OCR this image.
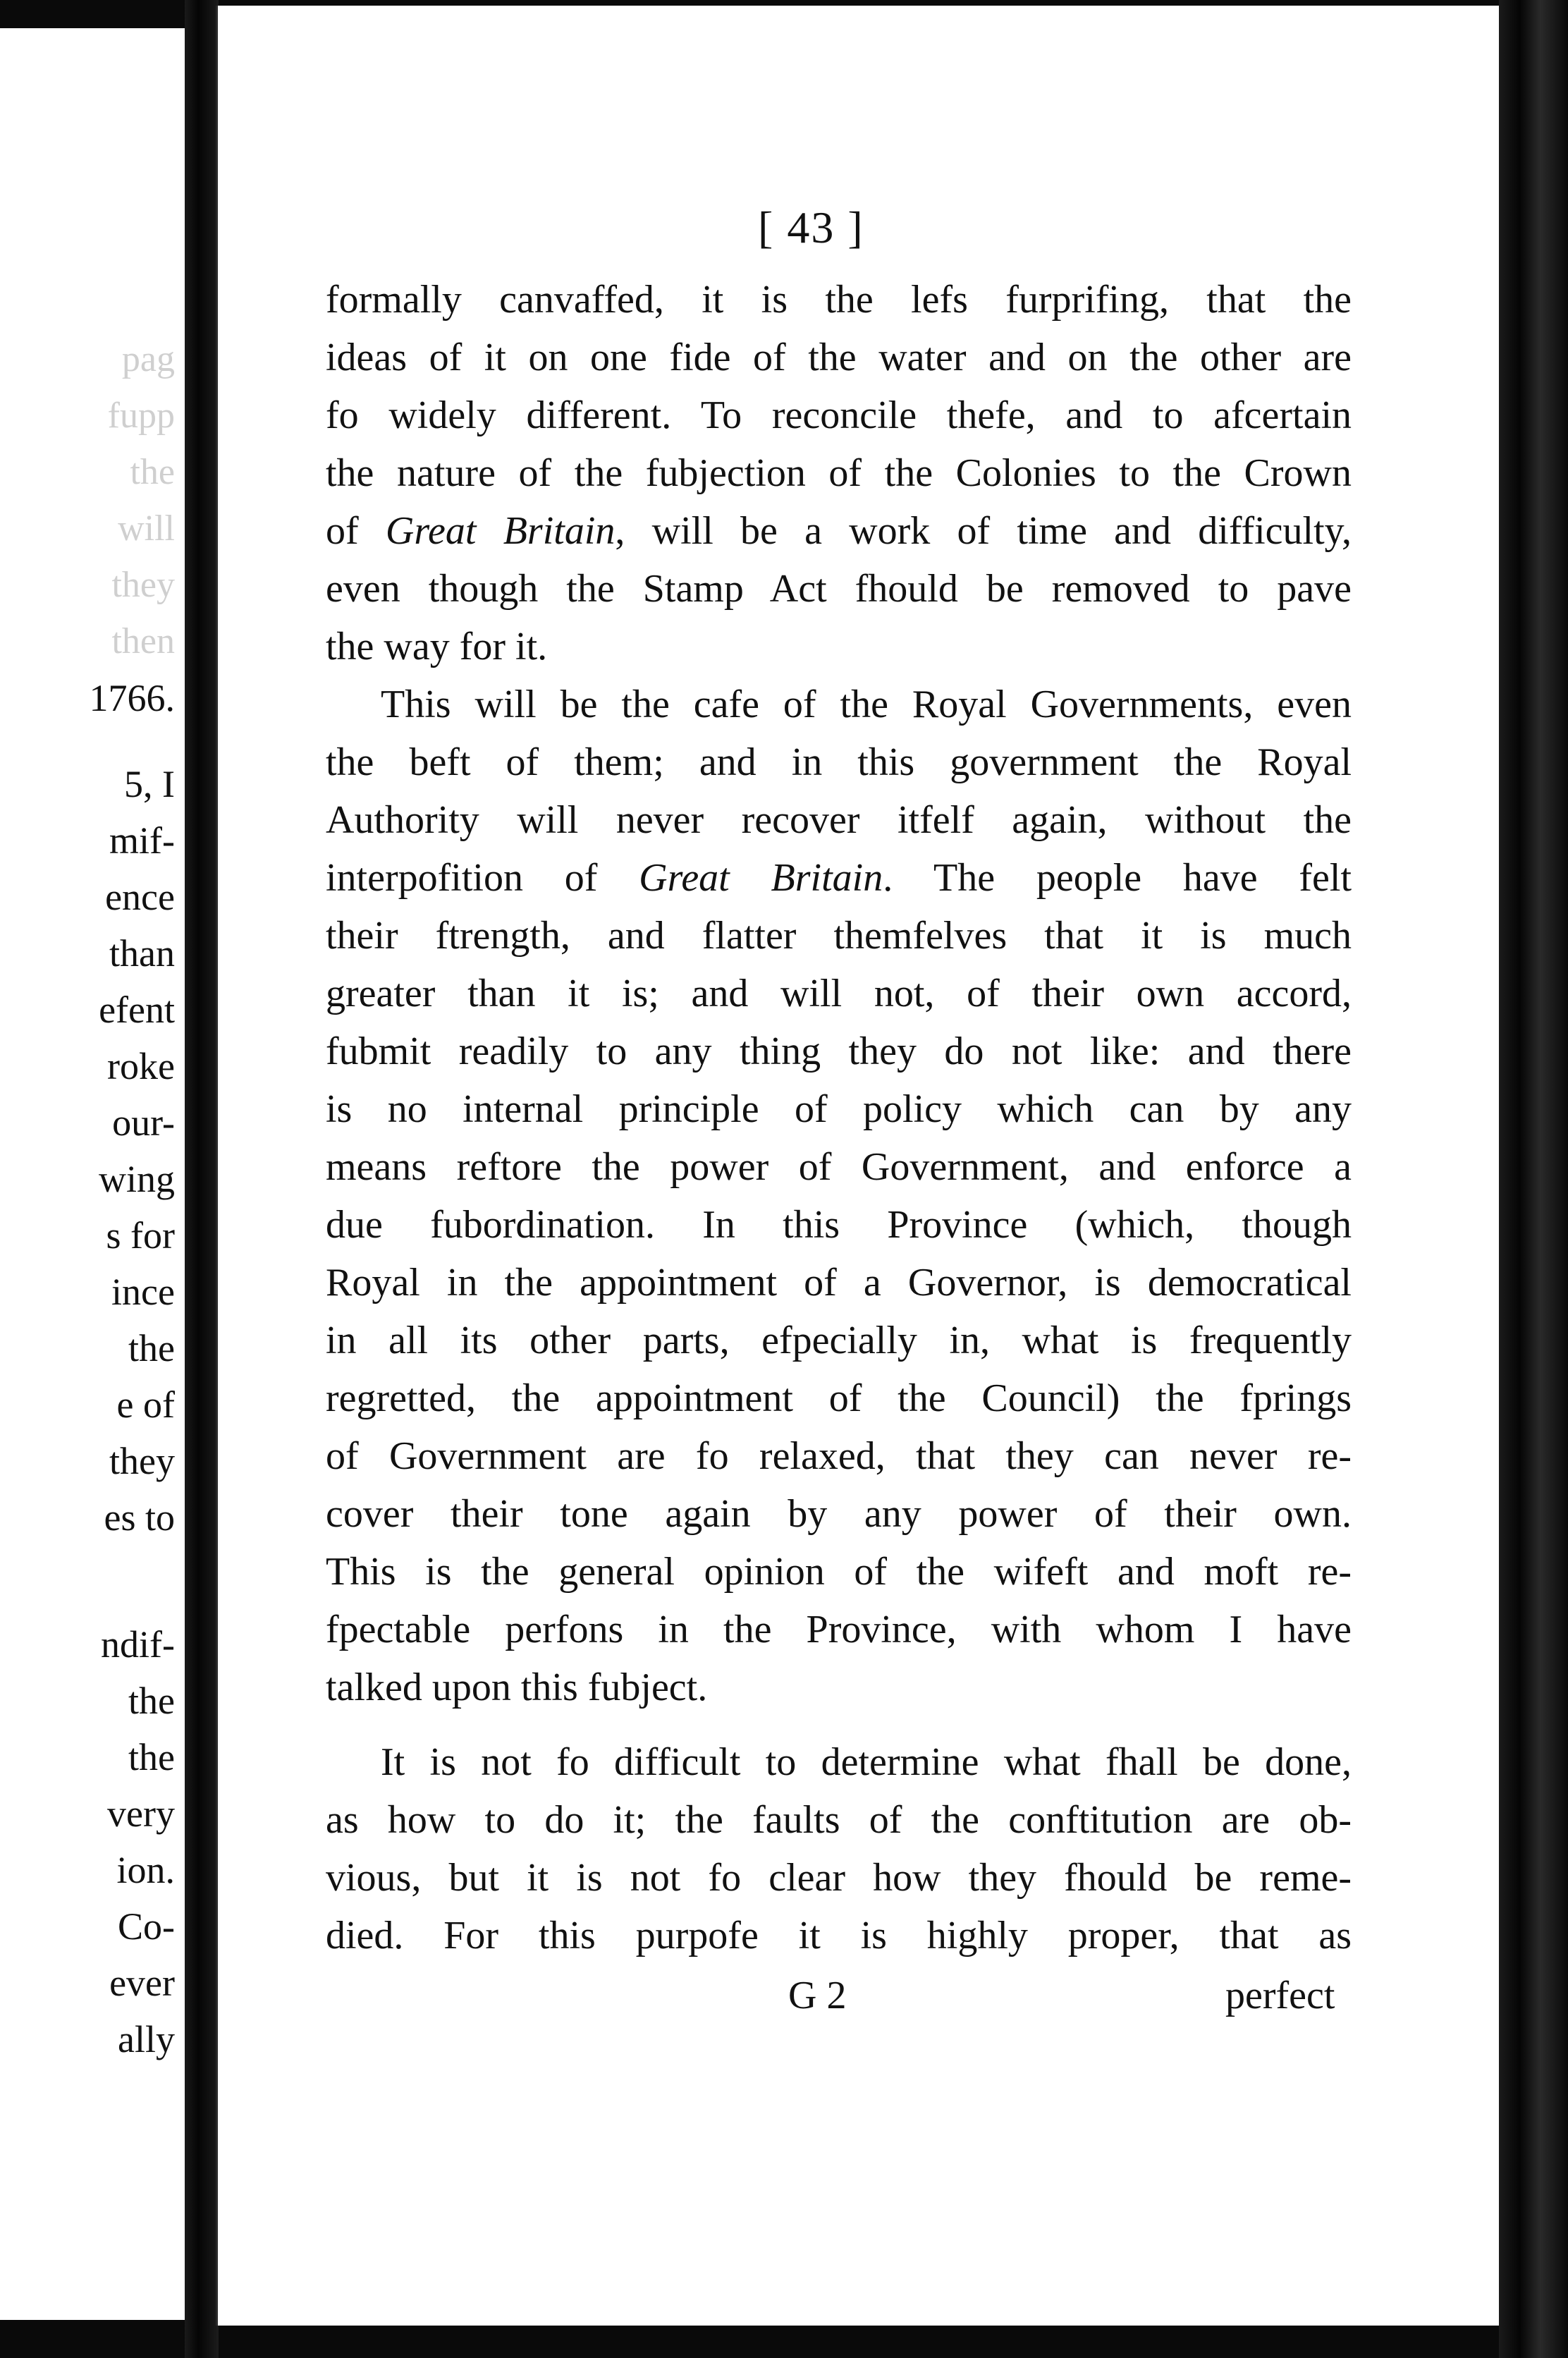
pag
fupp
the
will
they
then
1766.
5, I
mif-
ence
than
efent
roke
our-
wing
s for
ince
the
e of
they
es to
ndif-
the
the
very
ion.
Co-
ever
ally
[ 43 ]
formally canvaffed, it is the lefs furprifing, that the
ideas of it on one fide of the water and on the other are
fo widely different. To reconcile thefe, and to afcertain
the nature of the fubjection of the Colonies to the Crown
of Great Britain, will be a work of time and difficulty,
even though the Stamp Act fhould be removed to pave
the way for it.
This will be the cafe of the Royal Governments, even
the beft of them; and in this government the Royal
Authority will never recover itfelf again, without the
interpofition of Great Britain. The people have felt
their ftrength, and flatter themfelves that it is much
greater than it is; and will not, of their own accord,
fubmit readily to any thing they do not like: and there
is no internal principle of policy which can by any
means reftore the power of Government, and enforce a
due fubordination. In this Province (which, though
Royal in the appointment of a Governor, is democratical
in all its other parts, efpecially in, what is frequently
regretted, the appointment of the Council) the fprings
of Government are fo relaxed, that they can never re-
cover their tone again by any power of their own.
This is the general opinion of the wifeft and moft re-
fpectable perfons in the Province, with whom I have
talked upon this fubject.
It is not fo difficult to determine what fhall be done,
as how to do it; the faults of the conftitution are ob-
vious, but it is not fo clear how they fhould be reme-
died. For this purpofe it is highly proper, that as
G 2	perfect
